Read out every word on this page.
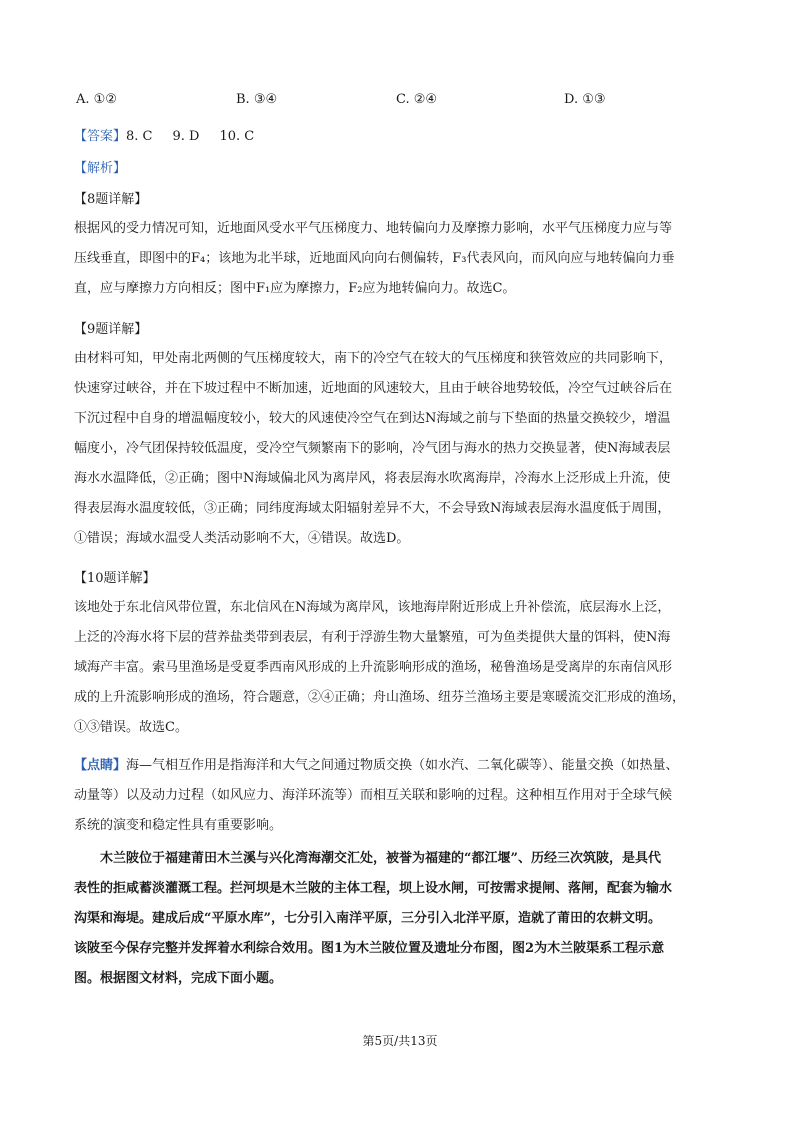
A. ①②	B. ③④	C. ②④	D. ①③
【答案】8. C 9. D 10. C
【解析】
【8题详解】
根据风的受力情况可知，近地面风受水平气压梯度力、地转偏向力及摩擦力影响，水平气压梯度力应与等
压线垂直，即图中的F₄；该地为北半球，近地面风向向右侧偏转，F₃代表风向，而风向应与地转偏向力垂
直，应与摩擦力方向相反；图中F₁应为摩擦力，F₂应为地转偏向力。故选C。
【9题详解】
由材料可知，甲处南北两侧的气压梯度较大，南下的冷空气在较大的气压梯度和狭管效应的共同影响下，
快速穿过峡谷，并在下坡过程中不断加速，近地面的风速较大，且由于峡谷地势较低，冷空气过峡谷后在
下沉过程中自身的增温幅度较小，较大的风速使冷空气在到达N海域之前与下垫面的热量交换较少，增温
幅度小，冷气团保持较低温度，受冷空气频繁南下的影响，冷气团与海水的热力交换显著，使N海域表层
海水水温降低，②正确；图中N海域偏北风为离岸风，将表层海水吹离海岸，冷海水上泛形成上升流，使
得表层海水温度较低，③正确；同纬度海域太阳辐射差异不大，不会导致N海域表层海水温度低于周围，
①错误；海域水温受人类活动影响不大，④错误。故选D。
【10题详解】
该地处于东北信风带位置，东北信风在N海域为离岸风，该地海岸附近形成上升补偿流，底层海水上泛，
上泛的冷海水将下层的营养盐类带到表层，有利于浮游生物大量繁殖，可为鱼类提供大量的饵料，使N海
域海产丰富。索马里渔场是受夏季西南风形成的上升流影响形成的渔场，秘鲁渔场是受离岸的东南信风形
成的上升流影响形成的渔场，符合题意，②④正确；舟山渔场、纽芬兰渔场主要是寒暖流交汇形成的渔场，
①③错误。故选C。
【点睛】海—气相互作用是指海洋和大气之间通过物质交换（如水汽、二氧化碳等）、能量交换（如热量、
动量等）以及动力过程（如风应力、海洋环流等）而相互关联和影响的过程。这种相互作用对于全球气候
系统的演变和稳定性具有重要影响。
木兰陂位于福建莆田木兰溪与兴化湾海潮交汇处，被誉为福建的“都江堰”、历经三次筑陂，是具代
表性的拒咸蓄淡灌溉工程。拦河坝是木兰陂的主体工程，坝上设水闸，可按需求提闸、落闸，配套为输水
沟渠和海堤。建成后成“平原水库”，七分引入南洋平原，三分引入北洋平原，造就了莆田的农耕文明。
该陂至今保存完整并发挥着水利综合效用。图1为木兰陂位置及遗址分布图，图2为木兰陂渠系工程示意
图。根据图文材料，完成下面小题。
第5页/共13页
